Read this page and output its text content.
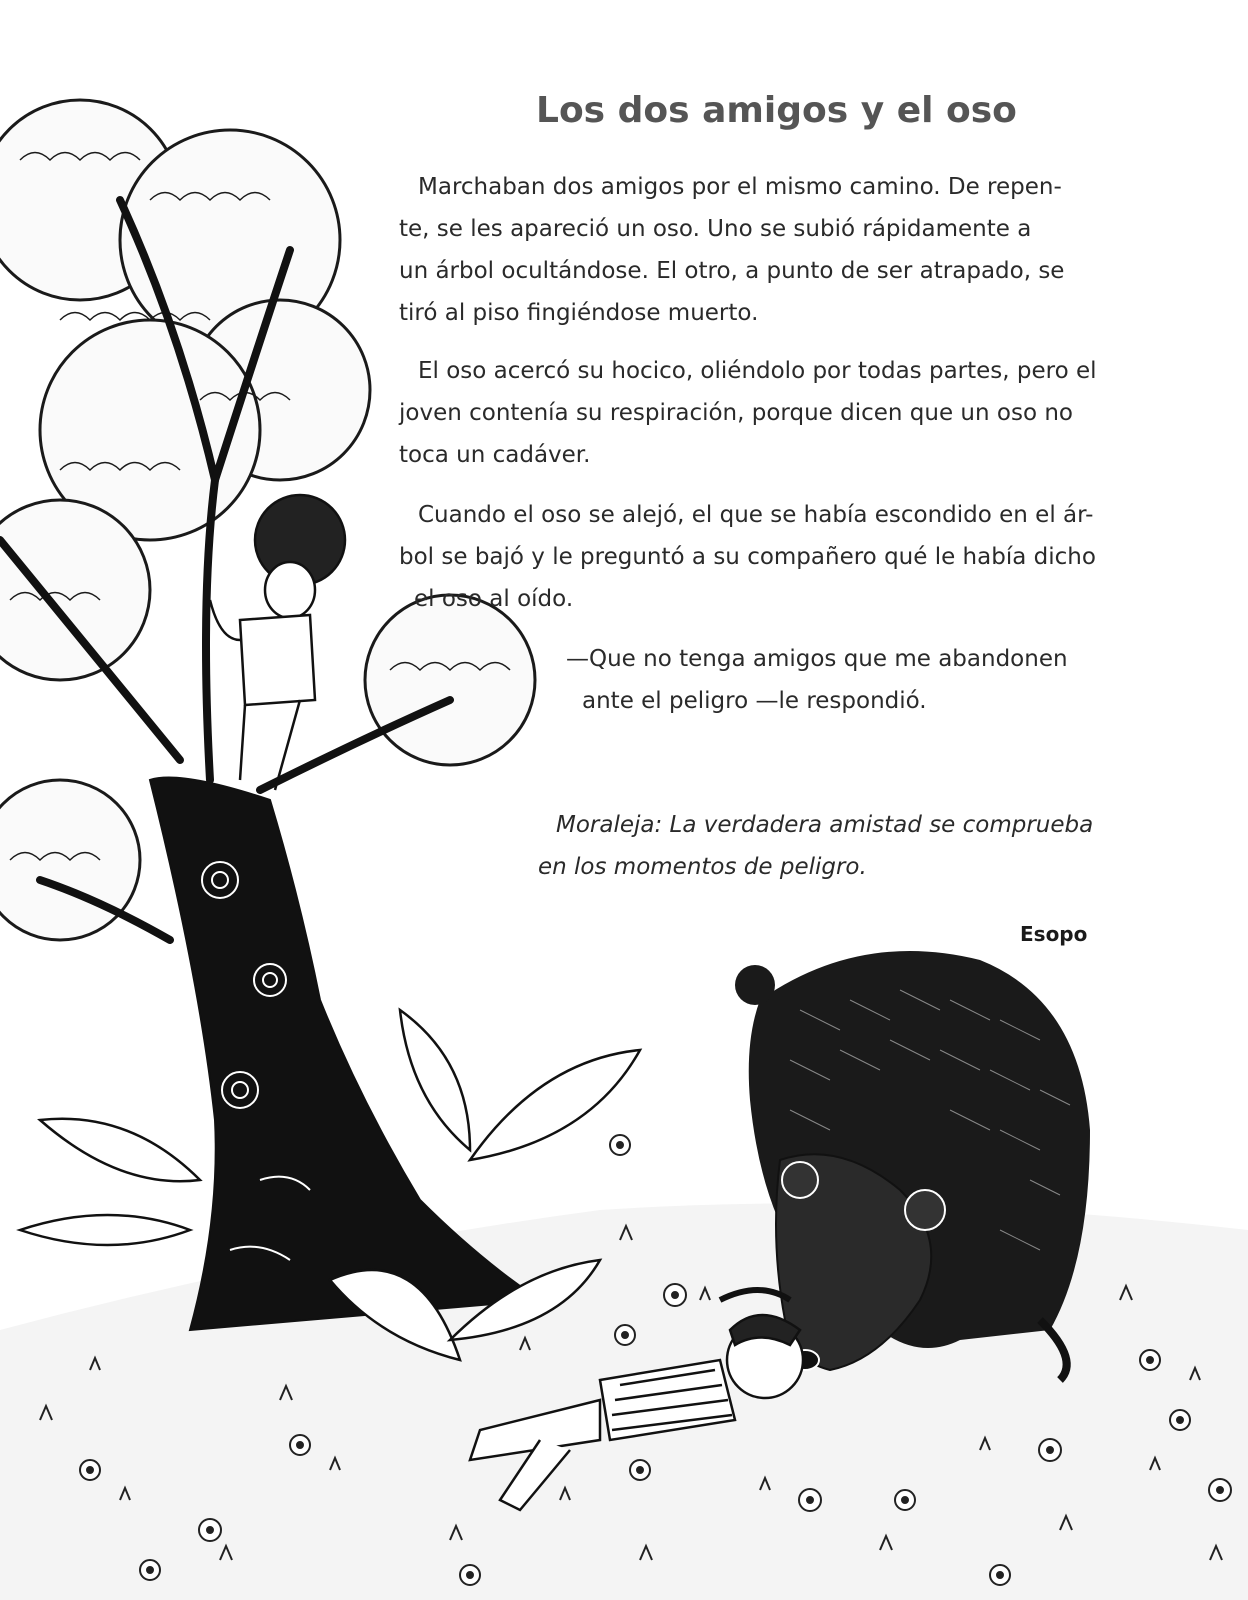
Los dos amigos y el oso
Marchaban dos amigos por el mismo camino. De repen-
te, se les apareció un oso. Uno se subió rápidamente a
un árbol ocultándose. El otro, a punto de ser atrapado, se
tiró al piso fingiéndose muerto.
El oso acercó su hocico, oliéndolo por todas partes, pero el
joven contenía su respiración, porque dicen que un oso no
toca un cadáver.
Cuando el oso se alejó, el que se había escondido en el ár-
bol se bajó y le preguntó a su compañero qué le había dicho
el oso al oído.
—Que no tenga amigos que me abandonen
ante el peligro —le respondió.
Moraleja: La verdadera amistad se comprueba
en los momentos de peligro.
Esopo
